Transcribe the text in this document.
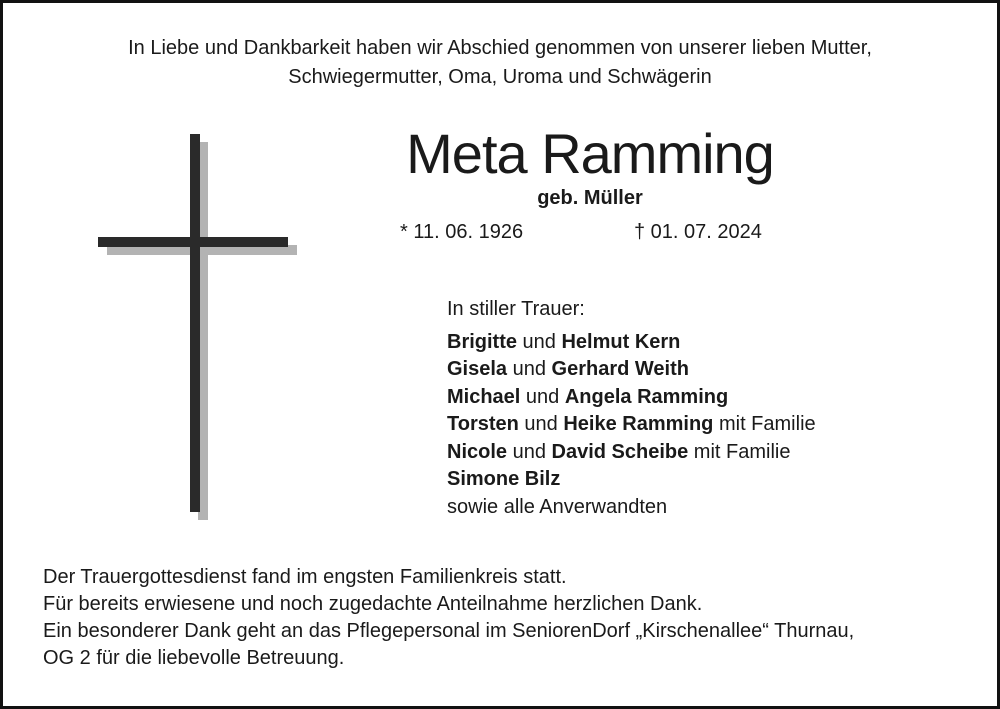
In Liebe und Dankbarkeit haben wir Abschied genommen von unserer lieben Mutter,
Schwiegermutter, Oma, Uroma und Schwägerin
Meta Ramming
geb. Müller
* 11. 06. 1926	† 01. 07. 2024
In stiller Trauer:
Brigitte und Helmut Kern
Gisela und Gerhard Weith
Michael und Angela Ramming
Torsten und Heike Ramming mit Familie
Nicole und David Scheibe mit Familie
Simone Bilz
sowie alle Anverwandten
Der Trauergottesdienst fand im engsten Familienkreis statt.
Für bereits erwiesene und noch zugedachte Anteilnahme herzlichen Dank.
Ein besonderer Dank geht an das Pflegepersonal im SeniorenDorf „Kirschenallee“ Thurnau,
OG 2 für die liebevolle Betreuung.
